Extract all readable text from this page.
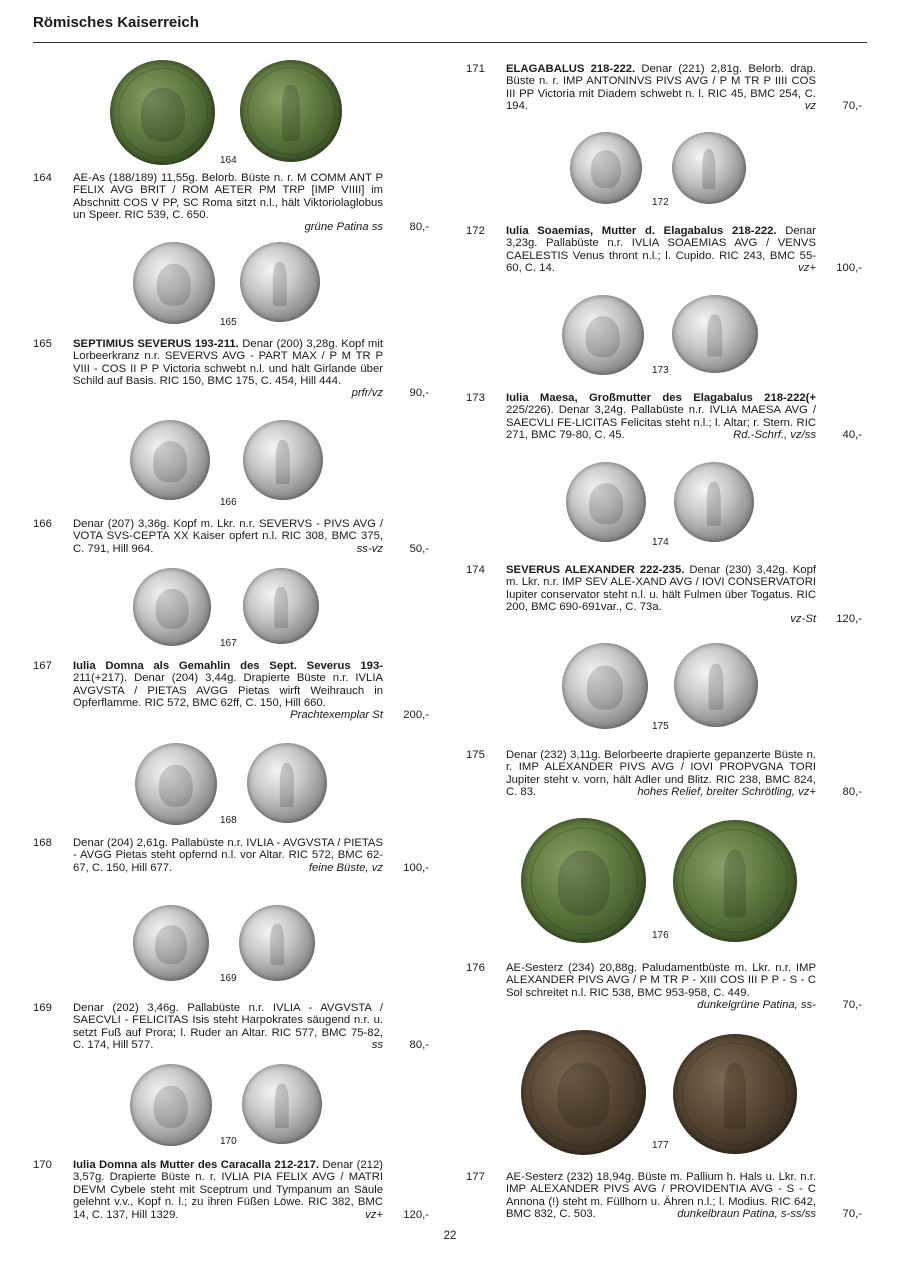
Römisches Kaiserreich
164
165
166
167
168
169
170
172
173
174
175
176
177
164 AE-As (188/189) 11,55g. Belorb. Büste n. r. M COMM ANT P FELIX AVG BRIT / ROM AETER PM TRP [IMP VIIII] im Abschnitt COS V PP, SC Roma sitzt n.l., hält Viktoriolaglobus un Speer. RIC 539, C. 650.
grüne Patina ss	80,-
165 SEPTIMIUS SEVERUS 193-211. Denar (200) 3,28g. Kopf mit Lorbeerkranz n.r. SEVERVS AVG - PART MAX / P M TR P VIII - COS II P P Victoria schwebt n.l. und hält Girlande über Schild auf Basis. RIC 150, BMC 175, C. 454, Hill 444.
prfr/vz	90,-
166 Denar (207) 3,36g. Kopf m. Lkr. n.r. SEVERVS - PIVS AVG / VOTA SVS-CEPTA XX Kaiser opfert n.l. RIC 308, BMC 375, C. 791, Hill 964.	ss-vz	50,-
167 Iulia Domna als Gemahlin des Sept. Severus 193- 211(+217). Denar (204) 3,44g. Drapierte Büste n.r. IVLIA AVGVSTA / PIETAS AVGG Pietas wirft Weihrauch in Opferflamme. RIC 572, BMC 62ff, C. 150, Hill 660.
Prachtexemplar St	200,-
168 Denar (204) 2,61g. Pallabüste n.r. IVLIA - AVGVSTA / PIETAS - AVGG Pietas steht opfernd n.l. vor Altar. RIC 572, BMC 62-67, C. 150, Hill 677.	feine Büste, vz	100,-
169 Denar (202) 3,46g. Pallabüste n.r. IVLIA - AVGVSTA / SAECVLI - FELICITAS Isis steht Harpokrates säugend n.r. u. setzt Fuß auf Prora; l. Ruder an Altar. RIC 577, BMC 75-82, C. 174, Hill 577.	ss	80,-
170 Iulia Domna als Mutter des Caracalla 212-217. Denar (212) 3,57g. Drapierte Büste n. r. IVLIA PIA FELIX AVG / MATRI DEVM Cybele steht mit Sceptrum und Tympanum an Säule gelehnt v.v., Kopf n. l.; zu ihren Füßen Löwe. RIC 382, BMC 14, C. 137, Hill 1329.	vz+	120,-
171 ELAGABALUS 218-222. Denar (221) 2,81g. Belorb. drap. Büste n. r. IMP ANTONINVS PIVS AVG / P M TR P IIII COS III PP Victoria mit Diadem schwebt n. l. RIC 45, BMC 254, C. 194.	vz	70,-
172 Iulia Soaemias, Mutter d. Elagabalus 218-222. Denar 3,23g. Pallabüste n.r. IVLIA SOAEMIAS AVG / VENVS CAELESTIS Venus thront n.l.; l. Cupido. RIC 243, BMC 55-60, C. 14.	vz+	100,-
173 Iulia Maesa, Großmutter des Elagabalus 218-222(+ 225/226). Denar 3,24g. Pallabüste n.r. IVLIA MAESA AVG / SAECVLI FE-LICITAS Felicitas steht n.l.; l. Altar; r. Stern. RIC 271, BMC 79-80, C. 45.	Rd.-Schrf., vz/ss	40,-
174 SEVERUS ALEXANDER 222-235. Denar (230) 3,42g. Kopf m. Lkr. n.r. IMP SEV ALE-XAND AVG / IOVI CONSERVATORI Iupiter conservator steht n.l. u. hält Fulmen über Togatus. RIC 200, BMC 690-691var., C. 73a.
vz-St	120,-
175 Denar (232) 3,11g. Belorbeerte drapierte gepanzerte Büste n. r. IMP ALEXANDER PIVS AVG / IOVI PROPVGNA TORI Jupiter steht v. vorn, hält Adler und Blitz. RIC 238, BMC 824, C. 83.	hohes Relief, breiter Schrötling, vz+	80,-
176 AE-Sesterz (234) 20,88g. Paludamentbüste m. Lkr. n.r. IMP ALEXANDER PIVS AVG / P M TR P - XIII COS III P P - S - C Sol schreitet n.l. RIC 538, BMC 953-958, C. 449.
dunkelgrüne Patina, ss-	70,-
177 AE-Sesterz (232) 18,94g. Büste m. Pallium h. Hals u. Lkr. n.r. IMP ALEXANDER PIVS AVG / PROVIDENTIA AVG - S - C Annona (!) steht m. Füllhorn u. Ähren n.l.; l. Modius. RIC 642, BMC 832, C. 503.	dunkelbraun Patina, s-ss/ss	70,-
22
